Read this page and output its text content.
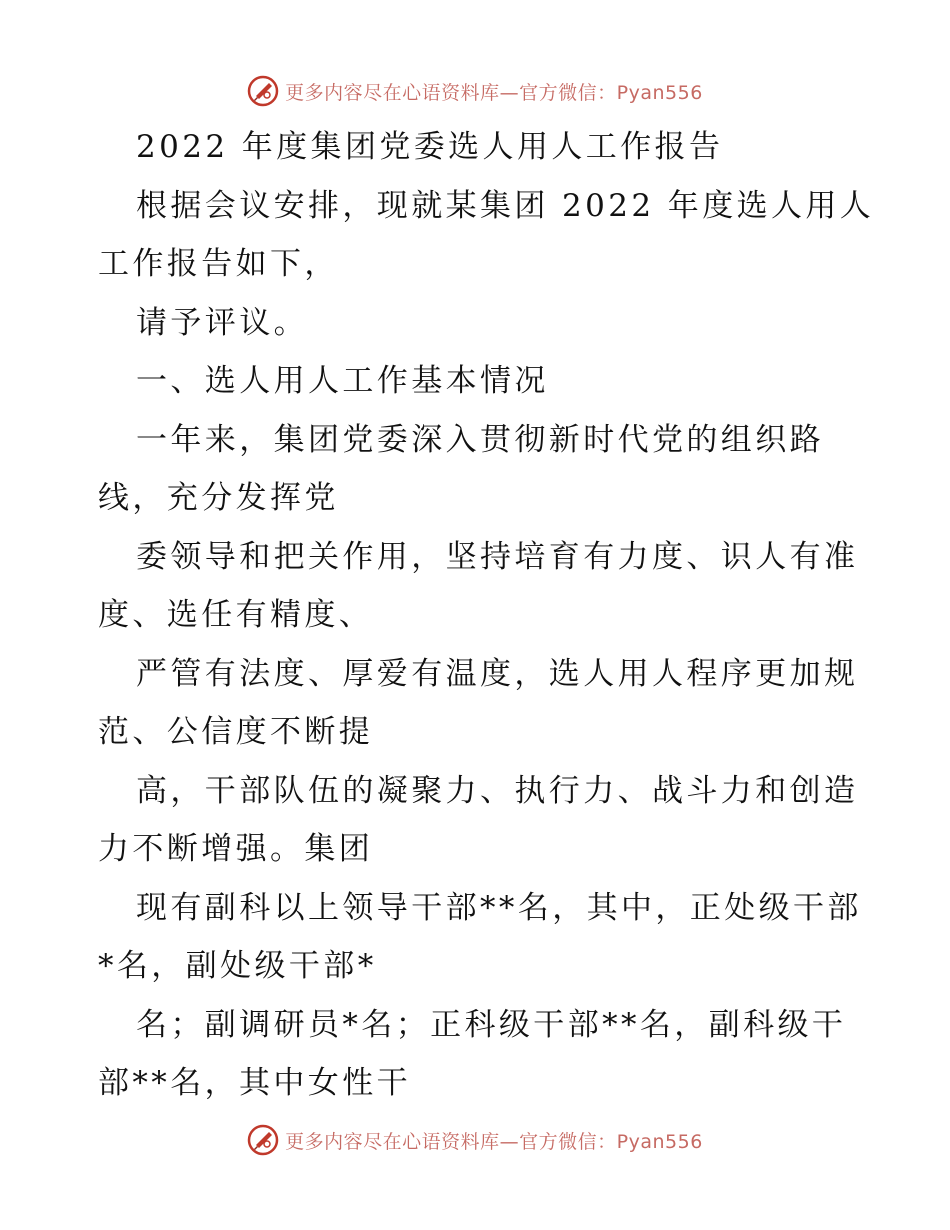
更多内容尽在心语资料库—官方微信：Pyan556
2022 年度集团党委选人用人工作报告
根据会议安排，现就某集团 2022 年度选人用人
工作报告如下，
请予评议。
一、选人用人工作基本情况
一年来，集团党委深入贯彻新时代党的组织路
线，充分发挥党
委领导和把关作用，坚持培育有力度、识人有准
度、选任有精度、
严管有法度、厚爱有温度，选人用人程序更加规
范、公信度不断提
高，干部队伍的凝聚力、执行力、战斗力和创造
力不断增强。集团
现有副科以上领导干部**名，其中，正处级干部
*名，副处级干部*
名；副调研员*名；正科级干部**名，副科级干
部**名，其中女性干
更多内容尽在心语资料库—官方微信：Pyan556
